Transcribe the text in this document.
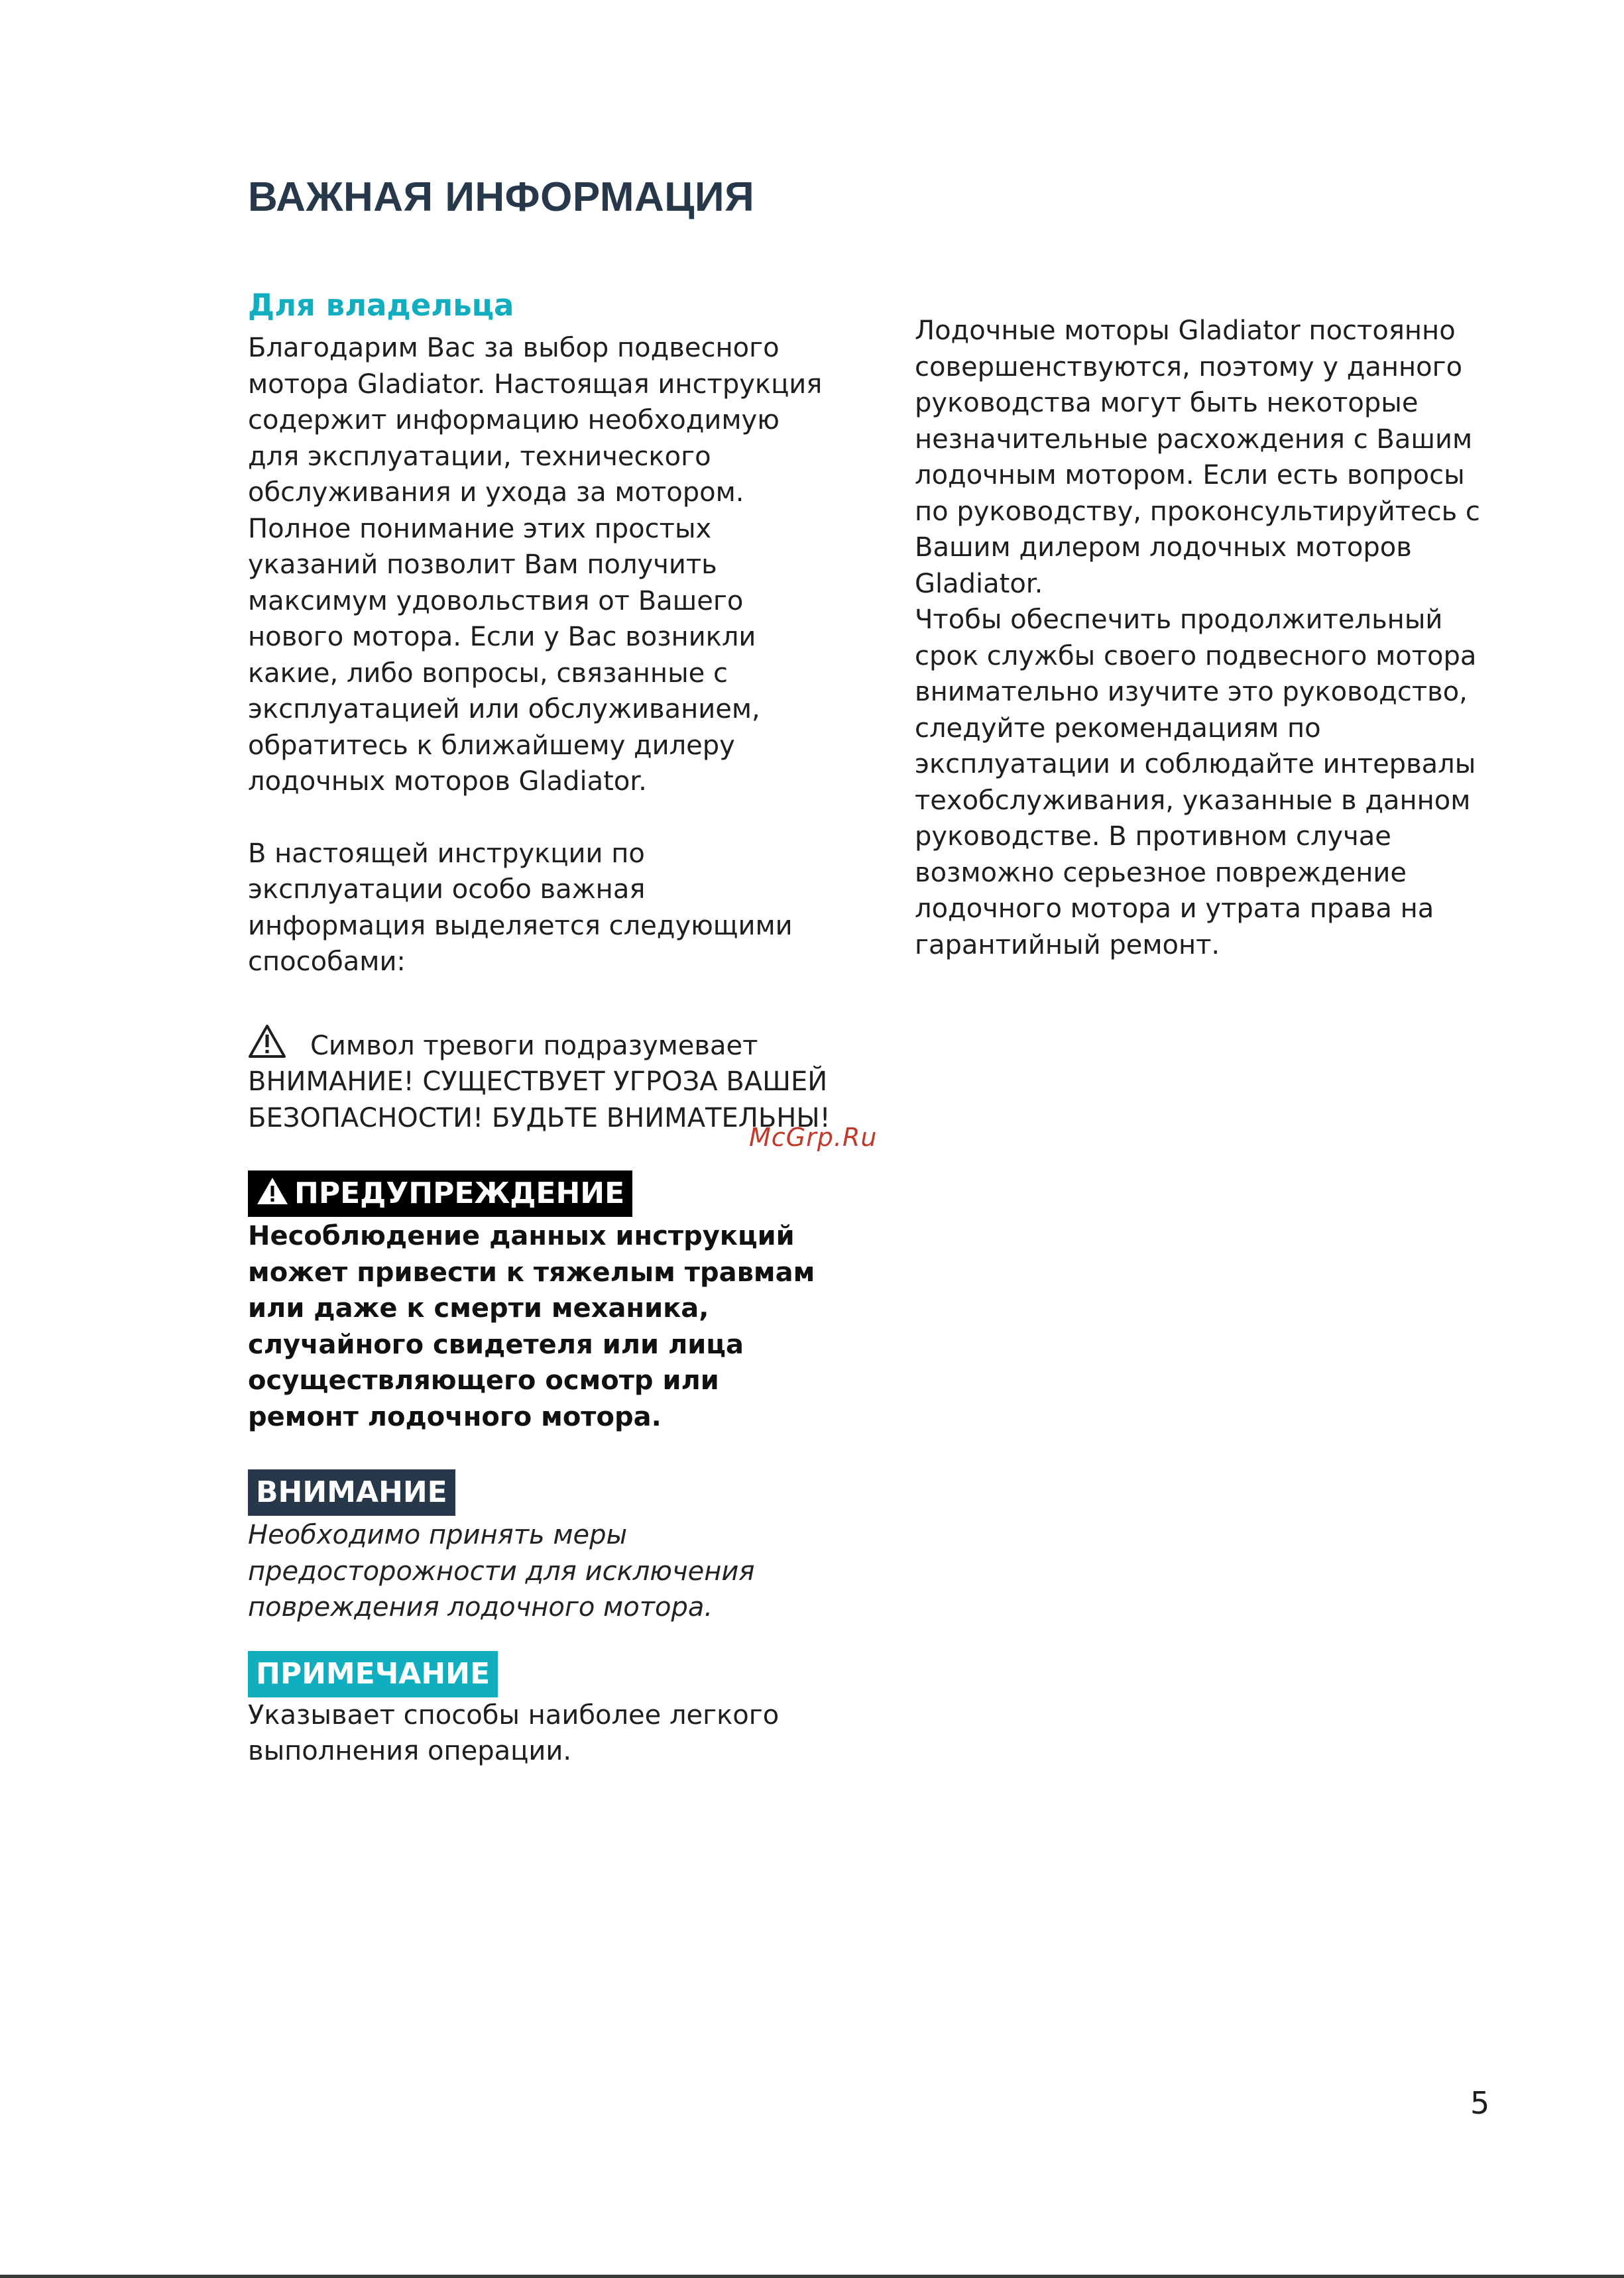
ВАЖНАЯ ИНФОРМАЦИЯ
Для владельца

Благодарим Вас за выбор подвесного мотора Gladiator. Настоящая инструкция содержит информацию необходимую для эксплуатации, технического обслуживания и ухода за мотором. Полное понимание этих простых указаний позволит Вам получить максимум удовольствия от Вашего нового мотора. Если у Вас возникли какие, либо вопросы, связанные с эксплуатацией или обслуживанием, обратитесь к ближайшему дилеру лодочных моторов Gladiator.

В настоящей инструкции по эксплуатации особо важная информация выделяется следующими способами:

Символ тревоги подразумевает

ВНИМАНИЕ! СУЩЕСТВУЕТ УГРОЗА ВАШЕЙ БЕЗОПАСНОСТИ! БУДЬТЕ ВНИМАТЕЛЬНЫ!

ПРЕДУПРЕЖДЕНИЕ

Несоблюдение данных инструкций может привести к тяжелым травмам или даже к смерти механика, случайного свидетеля или лица осуществляющего осмотр или ремонт лодочного мотора.

ВНИМАНИЕ

Необходимо принять меры предосторожности для исключения повреждения лодочного мотора.

ПРИМЕЧАНИЕ

Указывает способы наиболее легкого выполнения операции.

Лодочные моторы Gladiator постоянно совершенствуются, поэтому у данного руководства могут быть некоторые незначительные расхождения с Вашим лодочным мотором. Если есть вопросы по руководству, проконсультируйтесь с Вашим дилером лодочных моторов Gladiator.

Чтобы обеспечить продолжительный срок службы своего подвесного мотора внимательно изучите это руководство, следуйте рекомендациям по эксплуатации и соблюдайте интервалы техобслуживания, указанные в данном руководстве. В противном случае возможно серьезное повреждение лодочного мотора и утрата права на гарантийный ремонт.

McGrp.Ru
5
